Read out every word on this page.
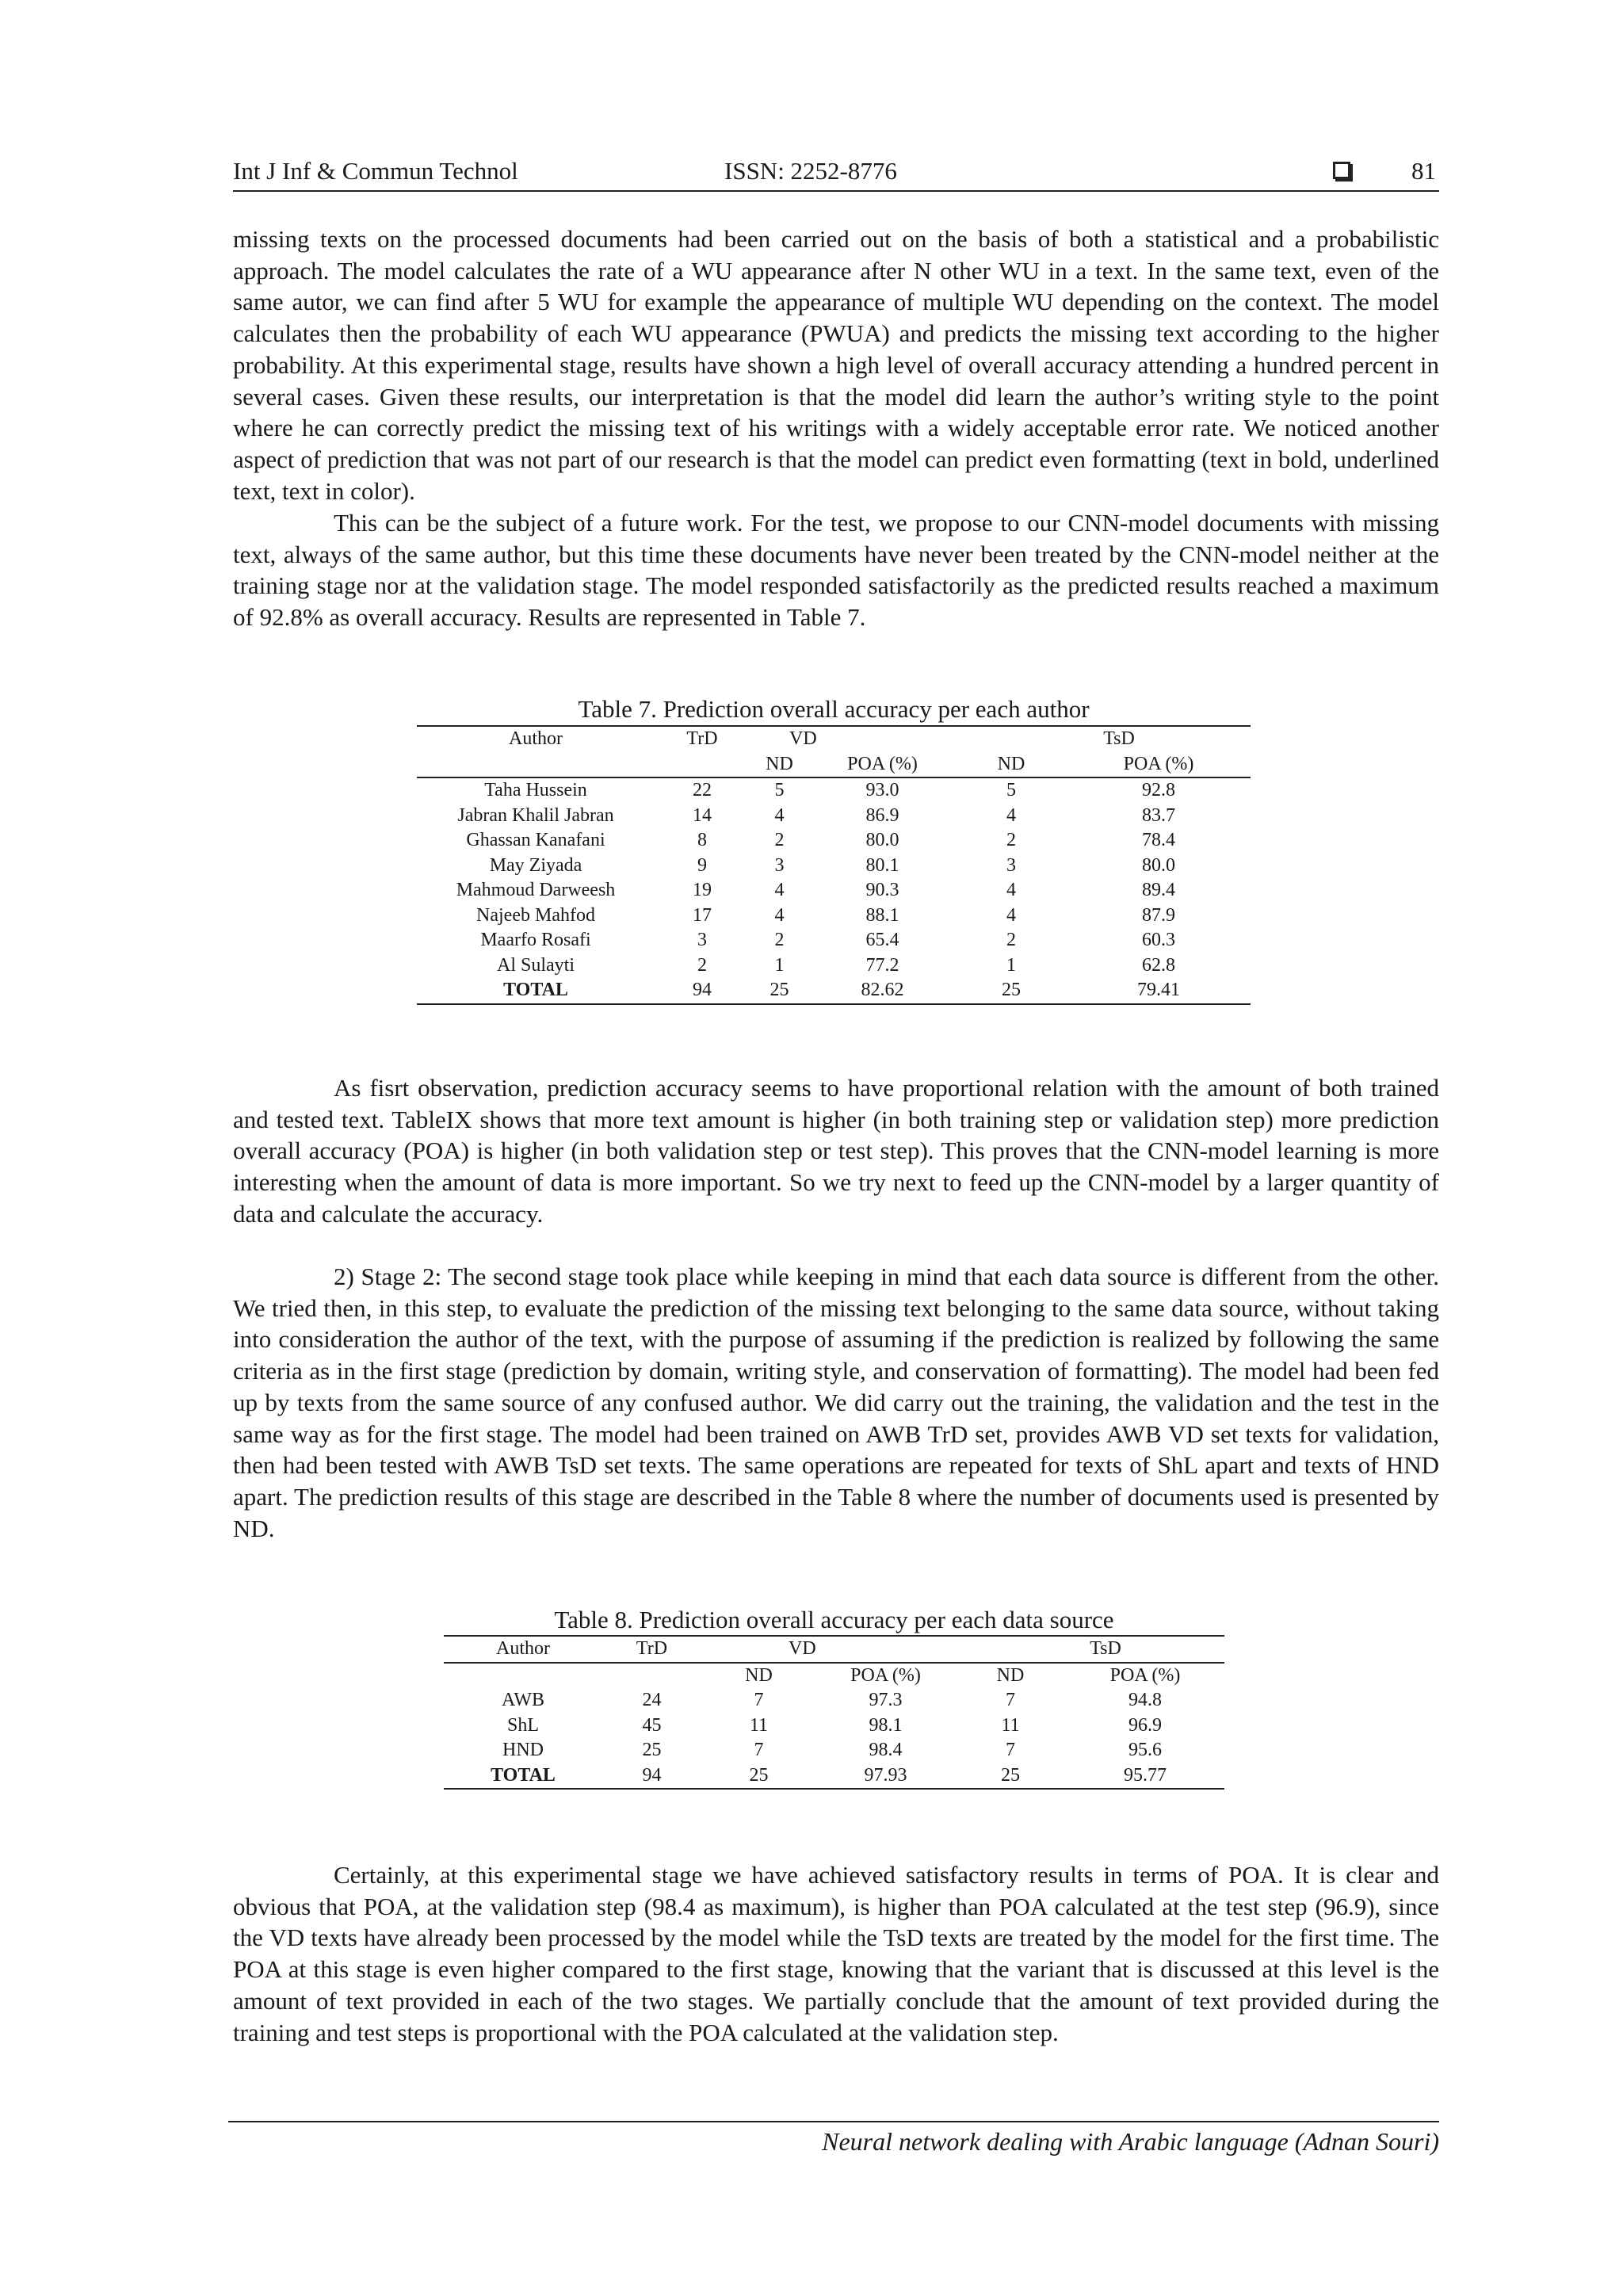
Int J Inf & Commun Technol	ISSN: 2252-8776	81

missing texts on the processed documents had been carried out on the basis of both a statistical and a probabilistic approach. The model calculates the rate of a WU appearance after N other WU in a text. In the same text, even of the same autor, we can find after 5 WU for example the appearance of multiple WU depending on the context. The model calculates then the probability of each WU appearance (PWUA) and predicts the missing text according to the higher probability. At this experimental stage, results have shown a high level of overall accuracy attending a hundred percent in several cases. Given these results, our interpretation is that the model did learn the author’s writing style to the point where he can correctly predict the missing text of his writings with a widely acceptable error rate. We noticed another aspect of prediction that was not part of our research is that the model can predict even formatting (text in bold, underlined text, text in color).

This can be the subject of a future work. For the test, we propose to our CNN-model documents with missing text, always of the same author, but this time these documents have never been treated by the CNN-model neither at the training stage nor at the validation stage. The model responded satisfactorily as the predicted results reached a maximum of 92.8% as overall accuracy. Results are represented in Table 7.

Table 7. Prediction overall accuracy per each author
Author	TrD	VD		TsD	
		ND	POA (%)	ND	POA (%)
Taha Hussein	22	5	93.0	5	92.8
Jabran Khalil Jabran	14	4	86.9	4	83.7
Ghassan Kanafani	8	2	80.0	2	78.4
May Ziyada	9	3	80.1	3	80.0
Mahmoud Darweesh	19	4	90.3	4	89.4
Najeeb Mahfod	17	4	88.1	4	87.9
Maarfo Rosafi	3	2	65.4	2	60.3
Al Sulayti	2	1	77.2	1	62.8
TOTAL	94	25	82.62	25	79.41

As fisrt observation, prediction accuracy seems to have proportional relation with the amount of both trained and tested text. TableIX shows that more text amount is higher (in both training step or validation step) more prediction overall accuracy (POA) is higher (in both validation step or test step). This proves that the CNN-model learning is more interesting when the amount of data is more important. So we try next to feed up the CNN-model by a larger quantity of data and calculate the accuracy.

2) Stage 2: The second stage took place while keeping in mind that each data source is different from the other. We tried then, in this step, to evaluate the prediction of the missing text belonging to the same data source, without taking into consideration the author of the text, with the purpose of assuming if the prediction is realized by following the same criteria as in the first stage (prediction by domain, writing style, and conservation of formatting). The model had been fed up by texts from the same source of any confused author. We did carry out the training, the validation and the test in the same way as for the first stage. The model had been trained on AWB TrD set, provides AWB VD set texts for validation, then had been tested with AWB TsD set texts. The same operations are repeated for texts of ShL apart and texts of HND apart. The prediction results of this stage are described in the Table 8 where the number of documents used is presented by ND.

Table 8. Prediction overall accuracy per each data source
Author	TrD	VD		TsD	
		ND	POA (%)	ND	POA (%)
AWB	24	7	97.3	7	94.8
ShL	45	11	98.1	11	96.9
HND	25	7	98.4	7	95.6
TOTAL	94	25	97.93	25	95.77

Certainly, at this experimental stage we have achieved satisfactory results in terms of POA. It is clear and obvious that POA, at the validation step (98.4 as maximum), is higher than POA calculated at the test step (96.9), since the VD texts have already been processed by the model while the TsD texts are treated by the model for the first time. The POA at this stage is even higher compared to the first stage, knowing that the variant that is discussed at this level is the amount of text provided in each of the two stages. We partially conclude that the amount of text provided during the training and test steps is proportional with the POA calculated at the validation step.

Neural network dealing with Arabic language (Adnan Souri)
